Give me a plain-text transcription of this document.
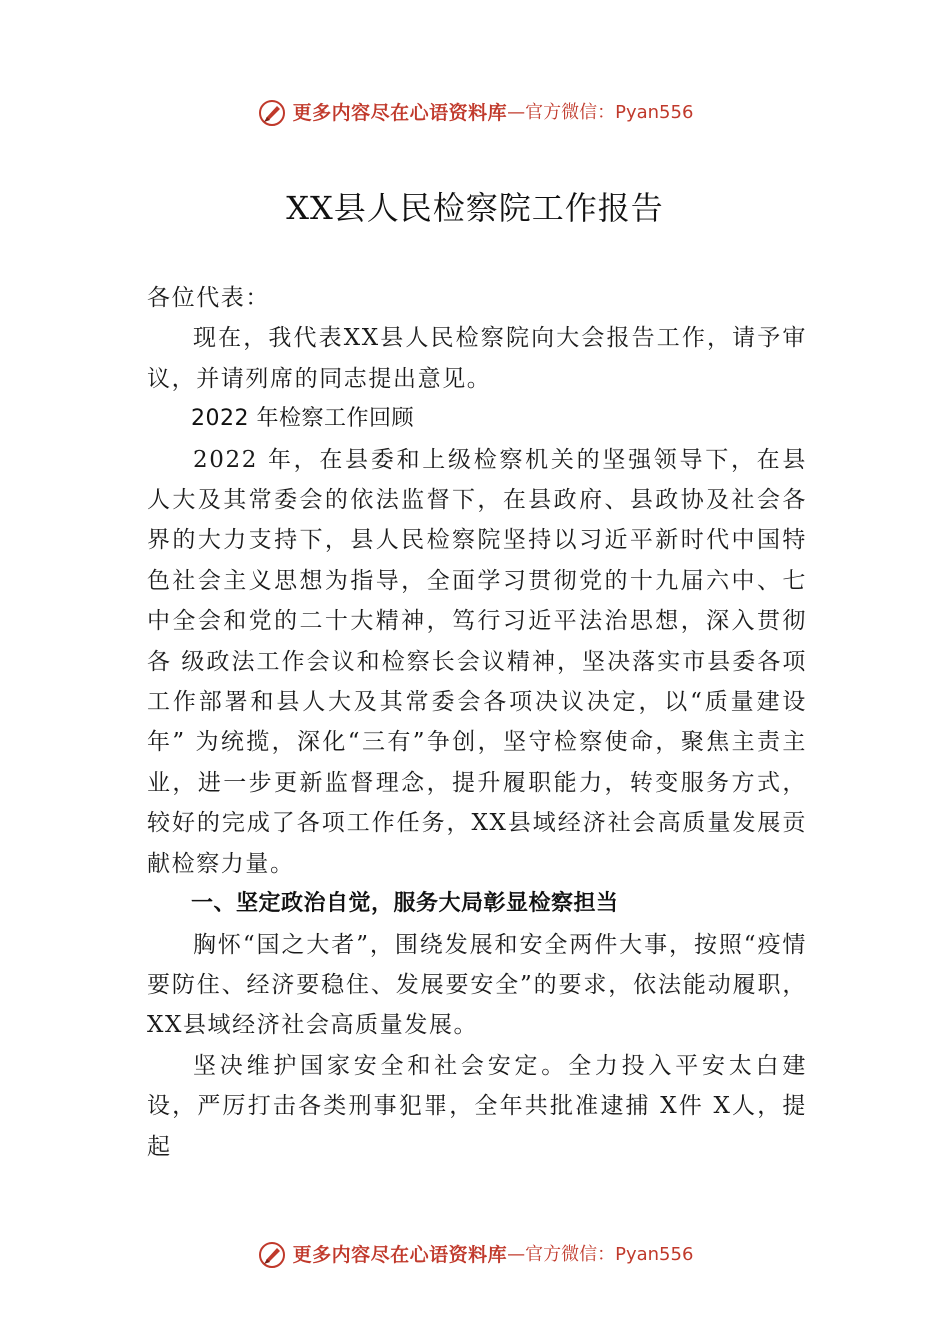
更多内容尽在心语资料库 — 官方微信： Pyan556
XX县人民检察院工作报告

各位代表：

现在，我代表XX县人民检察院向大会报告工作，请予审议，并请列席的同志提出意见。

2022 年检察工作回顾

2022 年，在县委和上级检察机关的坚强领导下，在县人大及其常委会的依法监督下，在县政府、县政协及社会各界的大力支持下，县人民检察院坚持以习近平新时代中国特色社会主义思想为指导，全面学习贯彻党的十九届六中、七中全会和党的二十大精神，笃行习近平法治思想，深入贯彻各 级政法工作会议和检察长会议精神，坚决落实市县委各项工作部署和县人大及其常委会各项决议决定，以“质量建设年” 为统揽，深化“三有”争创，坚守检察使命，聚焦主责主业，进一步更新监督理念，提升履职能力，转变服务方式，较好的完成了各项工作任务，XX县域经济社会高质量发展贡献检察力量。

一、坚定政治自觉，服务大局彰显检察担当

胸怀“国之大者”，围绕发展和安全两件大事，按照“疫情要防住、经济要稳住、发展要安全”的要求，依法能动履职，XX县域经济社会高质量发展。

坚决维护国家安全和社会安定。全力投入平安太白建设，严厉打击各类刑事犯罪，全年共批准逮捕 X件 X人，提起

更多内容尽在心语资料库 — 官方微信： Pyan556
